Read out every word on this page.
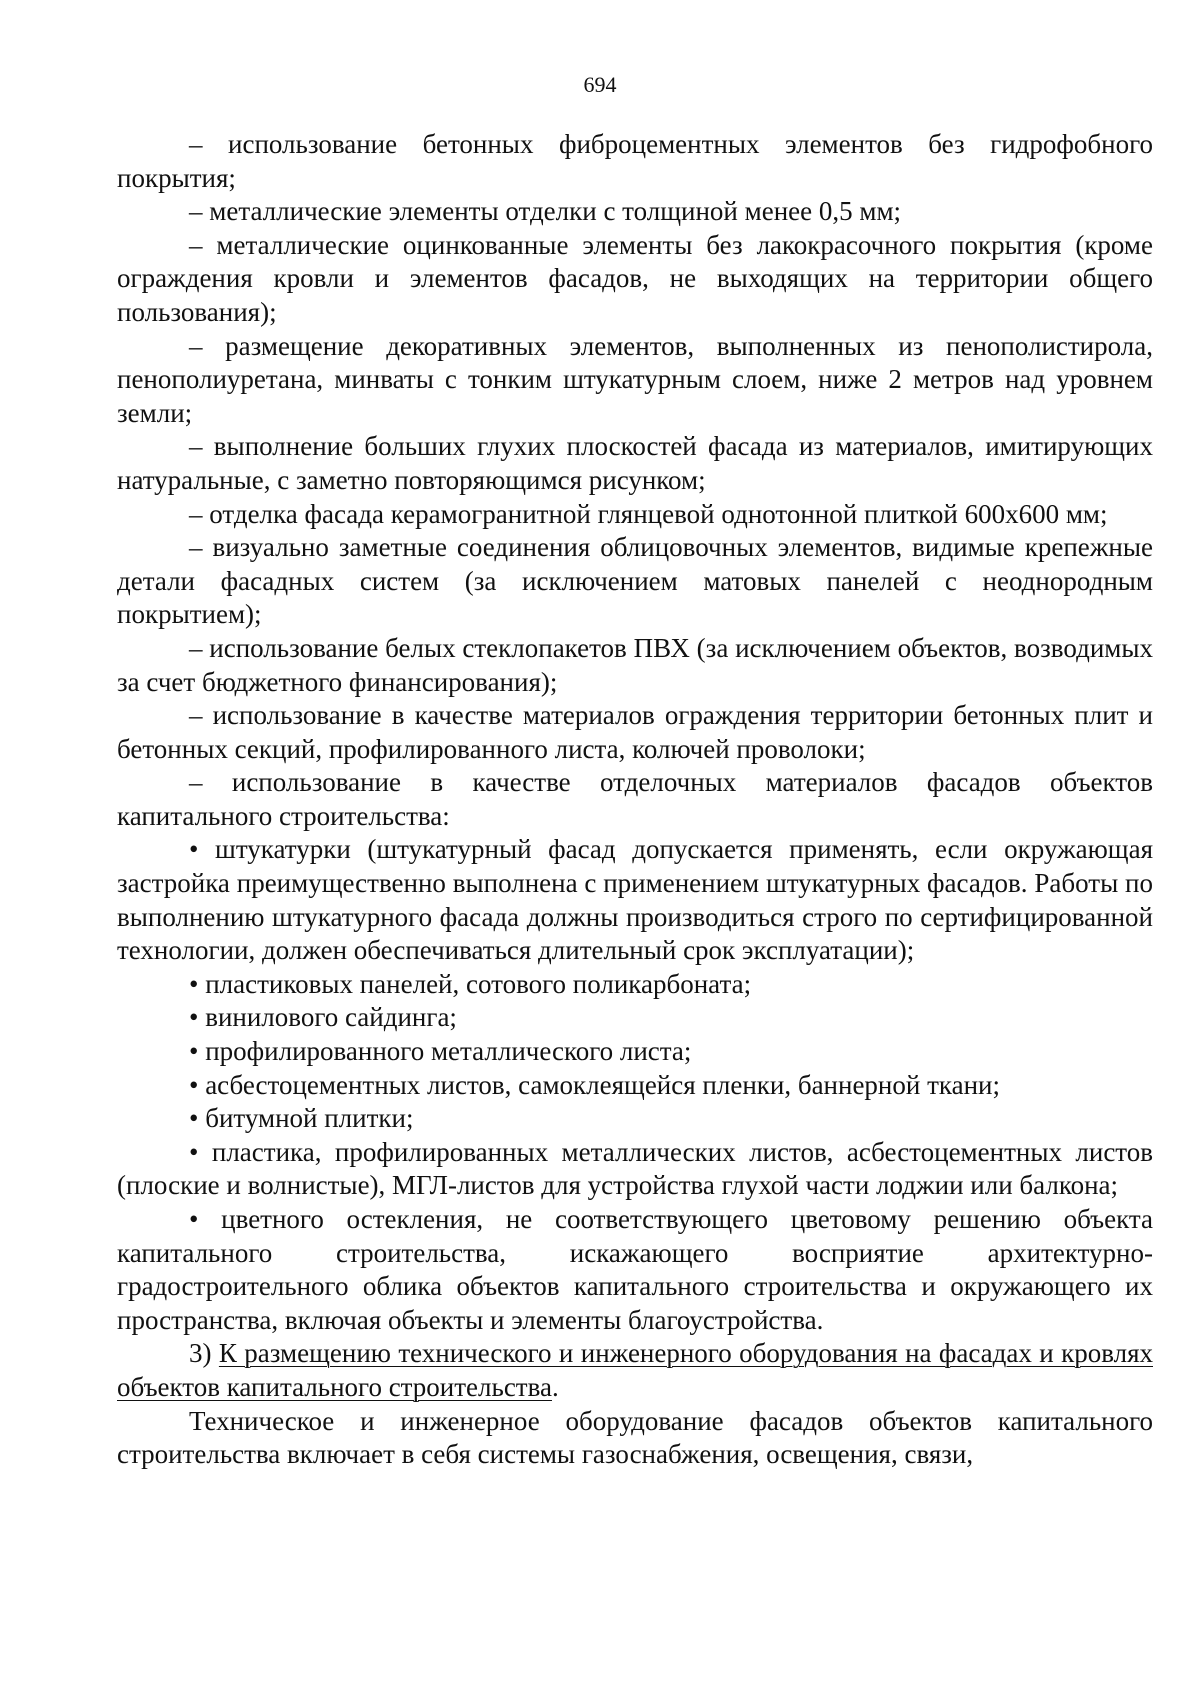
694

– использование бетонных фиброцементных элементов без гидрофобного покрытия;

– металлические элементы отделки с толщиной менее 0,5 мм;

– металлические оцинкованные элементы без лакокрасочного покрытия (кроме ограждения кровли и элементов фасадов, не выходящих на территории общего пользования);

– размещение декоративных элементов, выполненных из пенополистирола, пенополиуретана, минваты с тонким штукатурным слоем, ниже 2 метров над уровнем земли;

– выполнение больших глухих плоскостей фасада из материалов, имитирующих натуральные, с заметно повторяющимся рисунком;

– отделка фасада керамогранитной глянцевой однотонной плиткой 600х600 мм;

– визуально заметные соединения облицовочных элементов, видимые крепежные детали фасадных систем (за исключением матовых панелей с неоднородным покрытием);

– использование белых стеклопакетов ПВХ (за исключением объектов, возводимых за счет бюджетного финансирования);

– использование в качестве материалов ограждения территории бетонных плит и бетонных секций, профилированного листа, колючей проволоки;

– использование в качестве отделочных материалов фасадов объектов капитального строительства:

• штукатурки (штукатурный фасад допускается применять, если окружающая застройка преимущественно выполнена с применением штукатурных фасадов. Работы по выполнению штукатурного фасада должны производиться строго по сертифицированной технологии, должен обеспечиваться длительный срок эксплуатации);

• пластиковых панелей, сотового поликарбоната;

• винилового сайдинга;

• профилированного металлического листа;

• асбестоцементных листов, самоклеящейся пленки, баннерной ткани;

• битумной плитки;

• пластика, профилированных металлических листов, асбестоцементных листов (плоские и волнистые), МГЛ-листов для устройства глухой части лоджии или балкона;

• цветного остекления, не соответствующего цветовому решению объекта капитального строительства, искажающего восприятие архитектурно-градостроительного облика объектов капитального строительства и окружающего их пространства, включая объекты и элементы благоустройства.

3) К размещению технического и инженерного оборудования на фасадах и кровлях объектов капитального строительства.

Техническое и инженерное оборудование фасадов объектов капитального строительства включает в себя системы газоснабжения, освещения, связи,
